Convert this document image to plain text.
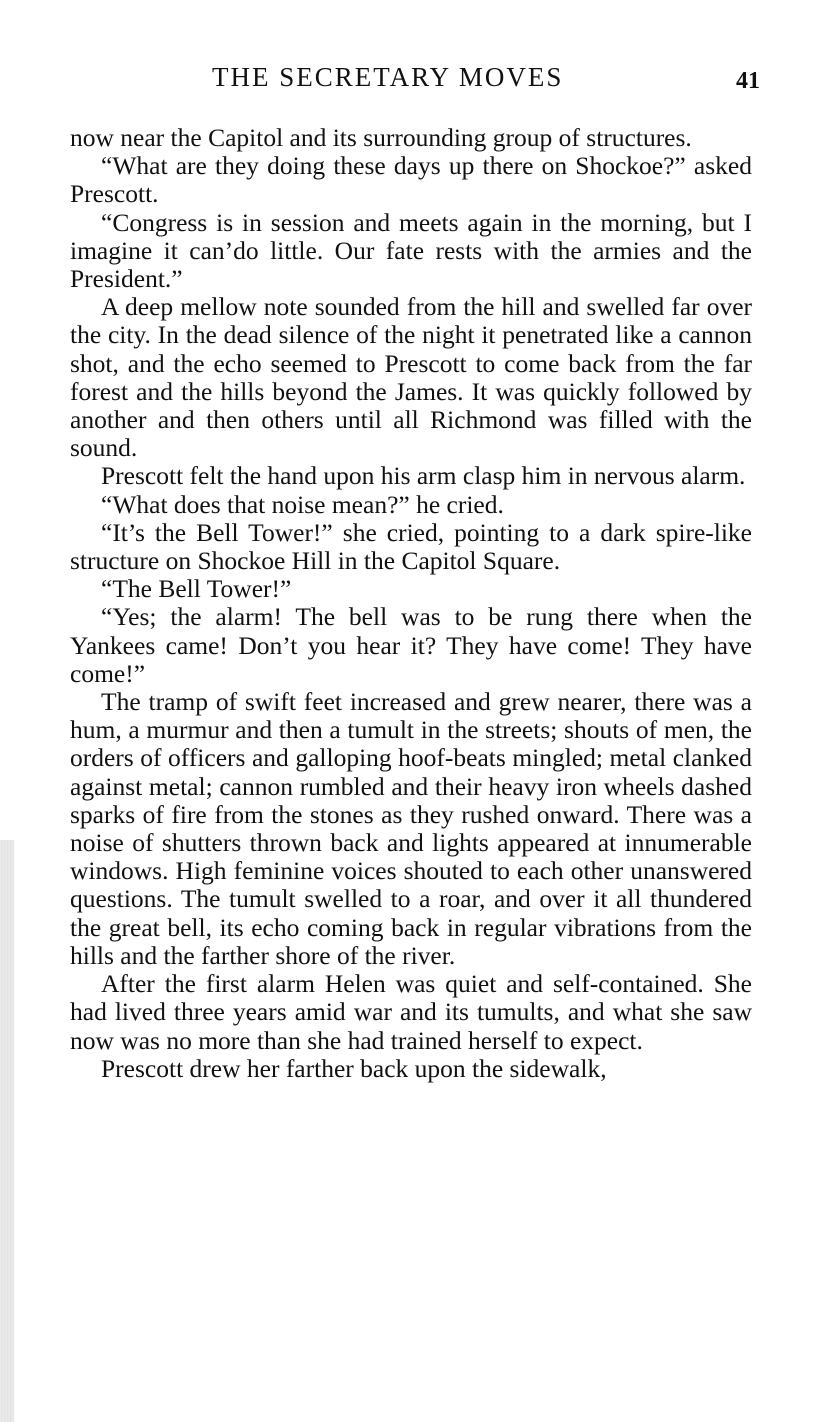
THE SECRETARY MOVES	41

now near the Capitol and its surrounding group of structures.

“What are they doing these days up there on Shockoe?” asked Prescott.

“Congress is in session and meets again in the morning, but I imagine it can’do little. Our fate rests with the armies and the President.”

A deep mellow note sounded from the hill and swelled far over the city. In the dead silence of the night it penetrated like a cannon shot, and the echo seemed to Prescott to come back from the far forest and the hills beyond the James. It was quickly followed by another and then others until all Richmond was filled with the sound.

Prescott felt the hand upon his arm clasp him in nervous alarm.

“What does that noise mean?” he cried.

“It’s the Bell Tower!” she cried, pointing to a dark spire-like structure on Shockoe Hill in the Capitol Square.

“The Bell Tower!”

“Yes; the alarm! The bell was to be rung there when the Yankees came! Don’t you hear it? They have come! They have come!”

The tramp of swift feet increased and grew nearer, there was a hum, a murmur and then a tumult in the streets; shouts of men, the orders of officers and galloping hoof-beats mingled; metal clanked against metal; cannon rumbled and their heavy iron wheels dashed sparks of fire from the stones as they rushed onward. There was a noise of shutters thrown back and lights appeared at innumerable windows. High feminine voices shouted to each other unanswered questions. The tumult swelled to a roar, and over it all thundered the great bell, its echo coming back in regular vibrations from the hills and the farther shore of the river.

After the first alarm Helen was quiet and self-contained. She had lived three years amid war and its tumults, and what she saw now was no more than she had trained herself to expect.

Prescott drew her farther back upon the sidewalk,
